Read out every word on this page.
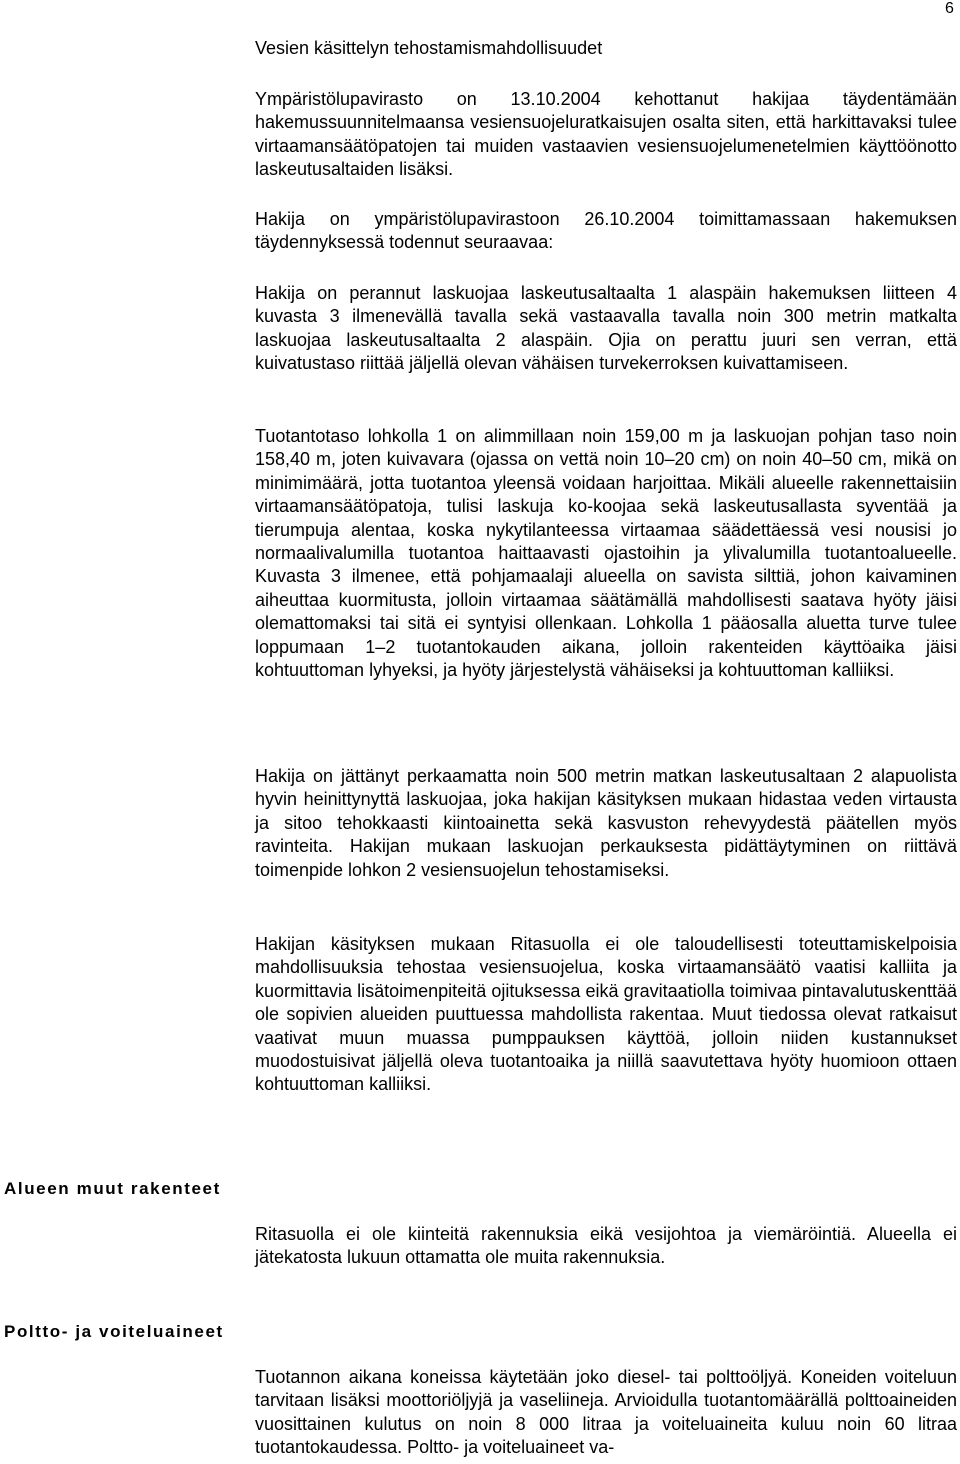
6
Vesien käsittelyn tehostamismahdollisuudet

Ympäristölupavirasto on 13.10.2004 kehottanut hakijaa täydentämään hakemussuunnitelmaansa vesiensuojeluratkaisujen osalta siten, että harkittavaksi tulee virtaamansäätöpatojen tai muiden vastaavien vesiensuojelumenetelmien käyttöönotto laskeutusaltaiden lisäksi.

Hakija on ympäristölupavirastoon 26.10.2004 toimittamassaan hakemuksen täydennyksessä todennut seuraavaa:

Hakija on perannut laskuojaa laskeutusaltaalta 1 alaspäin hakemuksen liitteen 4 kuvasta 3 ilmenevällä tavalla sekä vastaavalla tavalla noin 300 metrin matkalta laskuojaa laskeutusaltaalta 2 alaspäin. Ojia on perattu juuri sen verran, että kuivatustaso riittää jäljellä olevan vähäisen turvekerroksen kuivattamiseen.

Tuotantotaso lohkolla 1 on alimmillaan noin 159,00 m ja laskuojan pohjan taso noin 158,40 m, joten kuivavara (ojassa on vettä noin 10–20 cm) on noin 40–50 cm, mikä on minimimäärä, jotta tuotantoa yleensä voidaan harjoittaa. Mikäli alueelle rakennettaisiin virtaamansäätöpatoja, tulisi laskuja ko-koojaa sekä laskeutusallasta syventää ja tierumpuja alentaa, koska nykytilanteessa virtaamaa säädettäessä vesi nousisi jo normaalivalumilla tuotantoa haittaavasti ojastoihin ja ylivalumilla tuotantoalueelle. Kuvasta 3 ilmenee, että pohjamaalaji alueella on savista silttiä, johon kaivaminen aiheuttaa kuormitusta, jolloin virtaamaa säätämällä mahdollisesti saatava hyöty jäisi olemattomaksi tai sitä ei syntyisi ollenkaan. Lohkolla 1 pääosalla aluetta turve tulee loppumaan 1–2 tuotantokauden aikana, jolloin rakenteiden käyttöaika jäisi kohtuuttoman lyhyeksi, ja hyöty järjestelystä vähäiseksi ja kohtuuttoman kalliiksi.

Hakija on jättänyt perkaamatta noin 500 metrin matkan laskeutusaltaan 2 alapuolista hyvin heinittynyttä laskuojaa, joka hakijan käsityksen mukaan hidastaa veden virtausta ja sitoo tehokkaasti kiintoainetta sekä kasvuston rehevyydestä päätellen myös ravinteita. Hakijan mukaan laskuojan perkauksesta pidättäytyminen on riittävä toimenpide lohkon 2 vesiensuojelun tehostamiseksi.

Hakijan käsityksen mukaan Ritasuolla ei ole taloudellisesti toteuttamiskelpoisia mahdollisuuksia tehostaa vesiensuojelua, koska virtaamansäätö vaatisi kalliita ja kuormittavia lisätoimenpiteitä ojituksessa eikä gravitaatiolla toimivaa pintavalutuskenttää ole sopivien alueiden puuttuessa mahdollista rakentaa. Muut tiedossa olevat ratkaisut vaativat muun muassa pumppauksen käyttöä, jolloin niiden kustannukset muodostuisivat jäljellä oleva tuotantoaika ja niillä saavutettava hyöty huomioon ottaen kohtuuttoman kalliiksi.

Alueen muut rakenteet

Ritasuolla ei ole kiinteitä rakennuksia eikä vesijohtoa ja viemäröintiä. Alueella ei jätekatosta lukuun ottamatta ole muita rakennuksia.

Poltto- ja voiteluaineet

Tuotannon aikana koneissa käytetään joko diesel- tai polttoöljyä. Koneiden voiteluun tarvitaan lisäksi moottoriöljyjä ja vaseliineja. Arvioidulla tuotantomäärällä polttoaineiden vuosittainen kulutus on noin 8 000 litraa ja voiteluaineita kuluu noin 60 litraa tuotantokaudessa. Poltto- ja voiteluaineet va-
